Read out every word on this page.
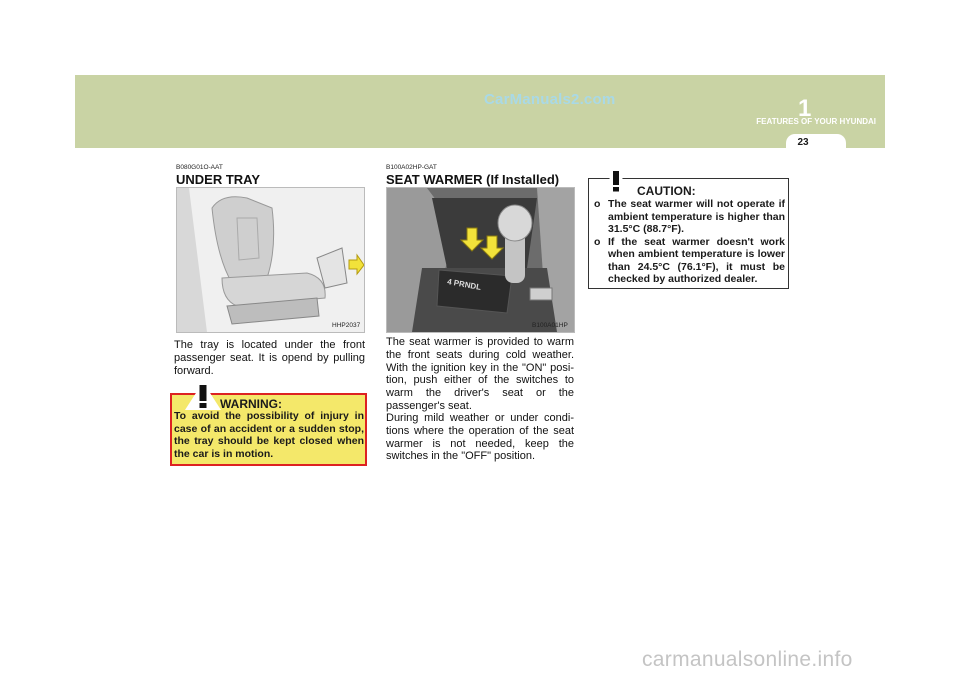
CarManuals2.com	1
FEATURES OF YOUR HYUNDAI
23
B080G01O-AAT
UNDER TRAY
HHP2037
The tray is located under the front passenger seat. It is opend by pulling forward.
WARNING:
To avoid the possibility of injury in case of an accident or a sudden stop, the tray should be kept closed when the car is in motion.
B100A02HP-GAT
SEAT WARMER (If Installed)
4 PRNDL
B100A01HP
The seat warmer is provided to warm the front seats during cold weather. With the ignition key in the "ON" posi-tion, push either of the switches to warm the driver's seat or the passenger's seat.
During mild weather or under condi-tions where the operation of the seat warmer is not needed, keep the switches in the "OFF" position.
CAUTION:
o The seat warmer will not operate if ambient temperature is higher than 31.5°C (88.7°F).
o If the seat warmer doesn't work when ambient temperature is lower than 24.5°C (76.1°F), it must be checked by authorized dealer.
carmanualsonline.info
